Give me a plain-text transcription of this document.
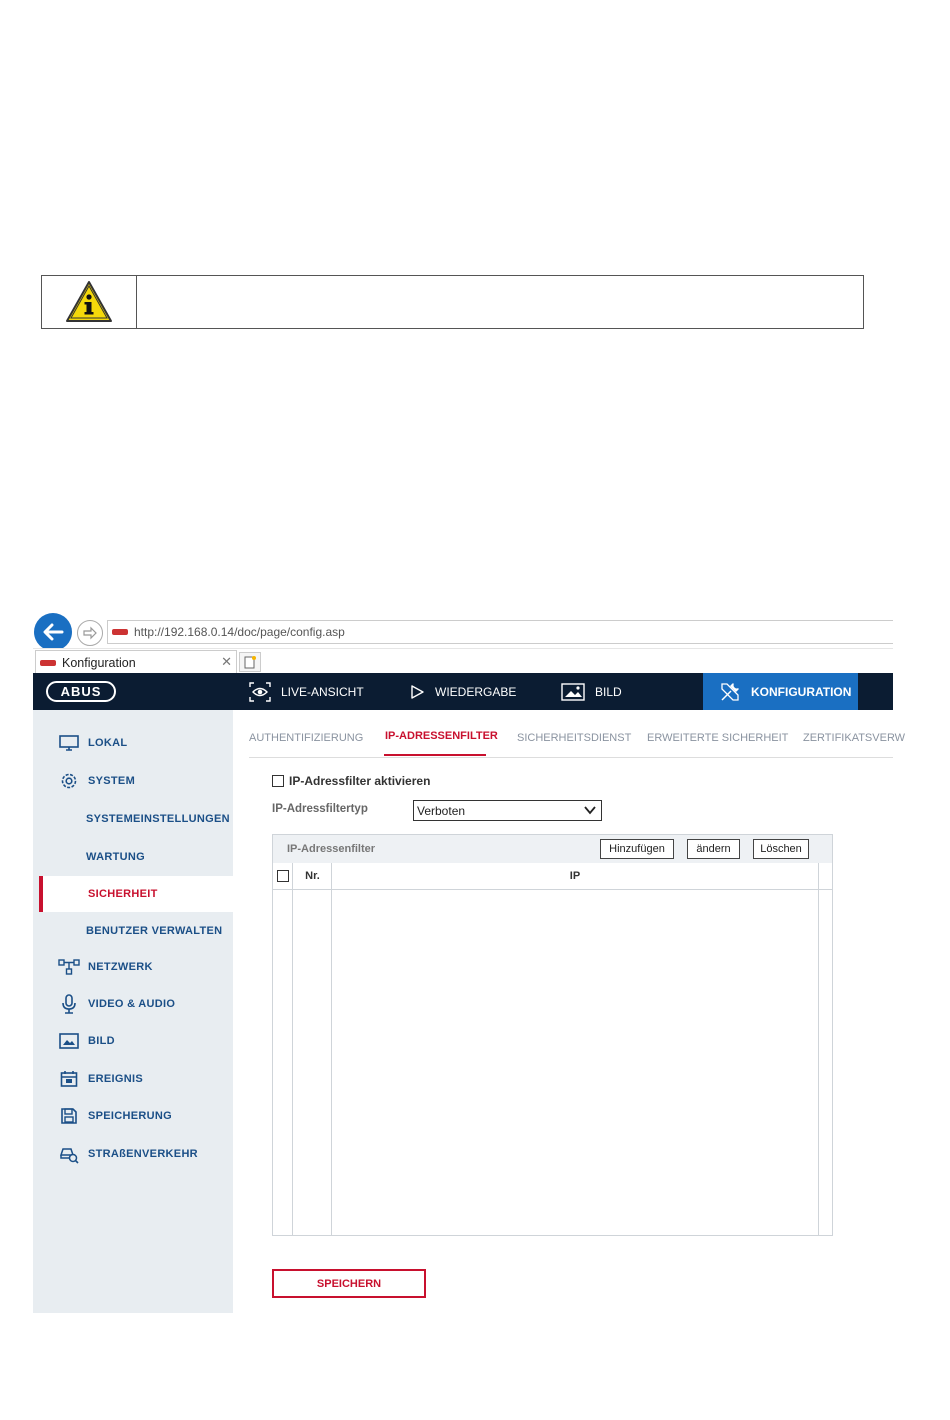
http://192.168.0.14/doc/page/config.asp
Konfiguration	✕
ABUS	LIVE-ANSICHT	WIEDERGABE	BILD	KONFIGURATION
LOKAL
SYSTEM
SYSTEMEINSTELLUNGEN
WARTUNG
SICHERHEIT
BENUTZER VERWALTEN
NETZWERK
VIDEO & AUDIO
BILD
EREIGNIS
SPEICHERUNG
STRAßENVERKEHR
AUTHENTIFIZIERUNG IP-ADRESSENFILTER SICHERHEITSDIENST ERWEITERTE SICHERHEIT ZERTIFIKATSVERW
IP-Adressfilter aktivieren
IP-Adressfiltertyp	Verboten
IP-Adressenfilter	Hinzufügen	ändern	Löschen
Nr.	IP
SPEICHERN
